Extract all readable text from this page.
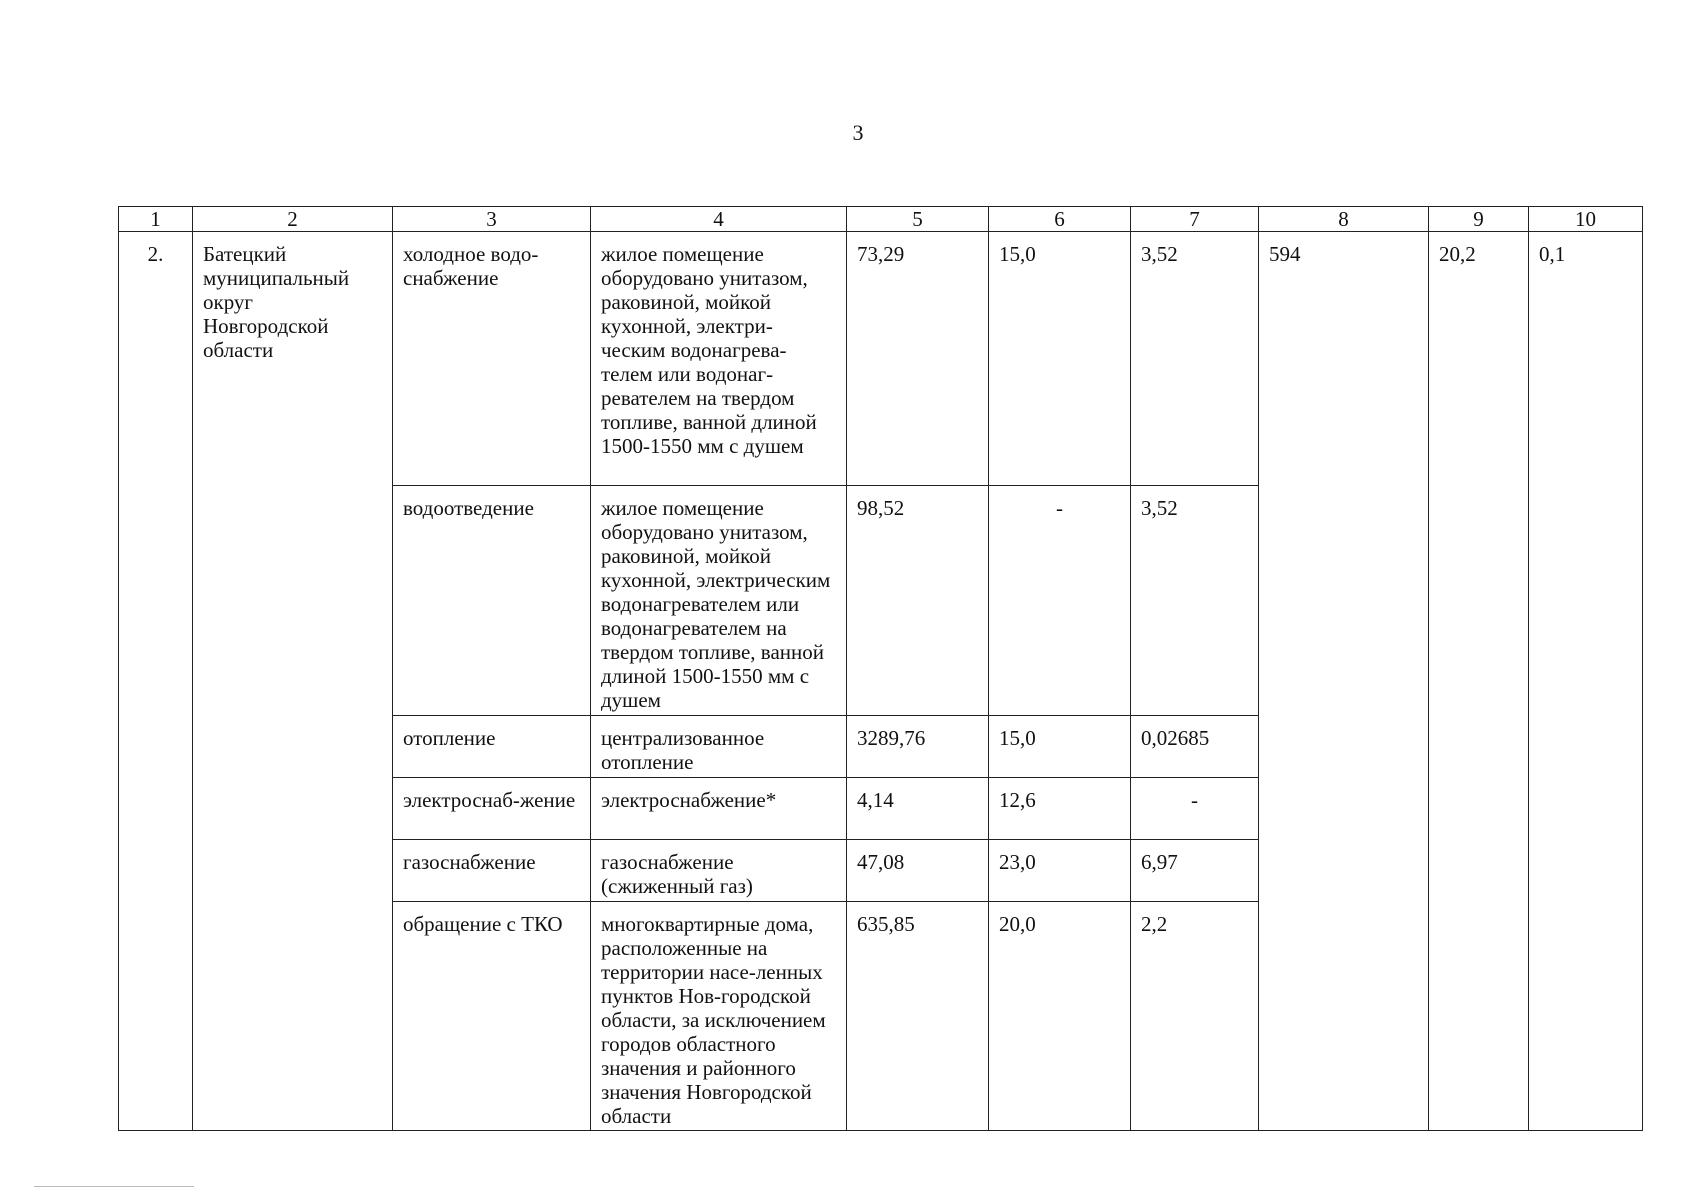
3
1	2	3	4	5	6	7	8	9	10
2.	Батецкий муниципальный округ Новгородской области	холодное водо-снабжение	жилое помещение оборудовано унитазом, раковиной, мойкой кухонной, электри-ческим водонагрева-телем или водонаг-ревателем на твердом топливе, ванной длиной 1500-1550 мм с душем	73,29	15,0	3,52	594	20,2	0,1
		водоотведение	жилое помещение оборудовано унитазом, раковиной, мойкой кухонной, электрическим водонагревателем или водонагревателем на твердом топливе, ванной длиной 1500-1550 мм с душем	98,52	-	3,52			
		отопление	централизованное отопление	3289,76	15,0	0,02685			
		электроснаб-жение	электроснабжение*	4,14	12,6	-			
		газоснабжение	газоснабжение (сжиженный газ)	47,08	23,0	6,97			
		обращение с ТКО	многоквартирные дома, расположенные на территории насе-ленных пунктов Нов-городской области, за исключением городов областного значения и районного значения Новгородской области	635,85	20,0	2,2			
